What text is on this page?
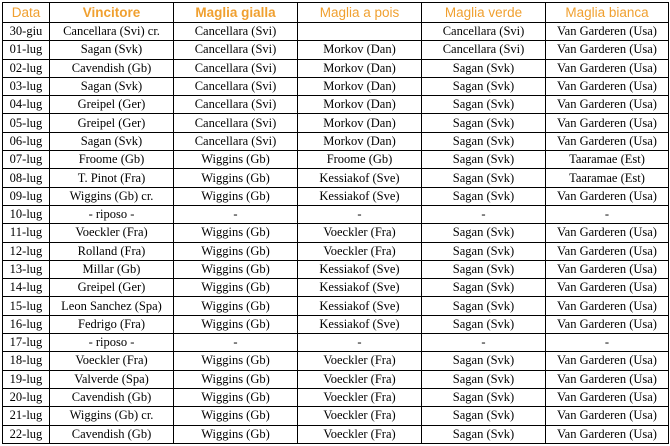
Data	Vincitore	Maglia gialla	Maglia a pois	Maglia verde	Maglia bianca
30-giu	Cancellara (Svi) cr.	Cancellara (Svi)		Cancellara (Svi)	Van Garderen (Usa)
01-lug	Sagan (Svk)	Cancellara (Svi)	Morkov (Dan)	Cancellara (Svi)	Van Garderen (Usa)
02-lug	Cavendish (Gb)	Cancellara (Svi)	Morkov (Dan)	Sagan (Svk)	Van Garderen (Usa)
03-lug	Sagan (Svk)	Cancellara (Svi)	Morkov (Dan)	Sagan (Svk)	Van Garderen (Usa)
04-lug	Greipel (Ger)	Cancellara (Svi)	Morkov (Dan)	Sagan (Svk)	Van Garderen (Usa)
05-lug	Greipel (Ger)	Cancellara (Svi)	Morkov (Dan)	Sagan (Svk)	Van Garderen (Usa)
06-lug	Sagan (Svk)	Cancellara (Svi)	Morkov (Dan)	Sagan (Svk)	Van Garderen (Usa)
07-lug	Froome (Gb)	Wiggins (Gb)	Froome (Gb)	Sagan (Svk)	Taaramae (Est)
08-lug	T. Pinot (Fra)	Wiggins (Gb)	Kessiakof (Sve)	Sagan (Svk)	Taaramae (Est)
09-lug	Wiggins (Gb) cr.	Wiggins (Gb)	Kessiakof (Sve)	Sagan (Svk)	Van Garderen (Usa)
10-lug	- riposo -	-	-	-	-
11-lug	Voeckler (Fra)	Wiggins (Gb)	Voeckler (Fra)	Sagan (Svk)	Van Garderen (Usa)
12-lug	Rolland (Fra)	Wiggins (Gb)	Voeckler (Fra)	Sagan (Svk)	Van Garderen (Usa)
13-lug	Millar (Gb)	Wiggins (Gb)	Kessiakof (Sve)	Sagan (Svk)	Van Garderen (Usa)
14-lug	Greipel (Ger)	Wiggins (Gb)	Kessiakof (Sve)	Sagan (Svk)	Van Garderen (Usa)
15-lug	Leon Sanchez (Spa)	Wiggins (Gb)	Kessiakof (Sve)	Sagan (Svk)	Van Garderen (Usa)
16-lug	Fedrigo (Fra)	Wiggins (Gb)	Kessiakof (Sve)	Sagan (Svk)	Van Garderen (Usa)
17-lug	- riposo -	-	-	-	-
18-lug	Voeckler (Fra)	Wiggins (Gb)	Voeckler (Fra)	Sagan (Svk)	Van Garderen (Usa)
19-lug	Valverde (Spa)	Wiggins (Gb)	Voeckler (Fra)	Sagan (Svk)	Van Garderen (Usa)
20-lug	Cavendish (Gb)	Wiggins (Gb)	Voeckler (Fra)	Sagan (Svk)	Van Garderen (Usa)
21-lug	Wiggins (Gb) cr.	Wiggins (Gb)	Voeckler (Fra)	Sagan (Svk)	Van Garderen (Usa)
22-lug	Cavendish (Gb)	Wiggins (Gb)	Voeckler (Fra)	Sagan (Svk)	Van Garderen (Usa)
